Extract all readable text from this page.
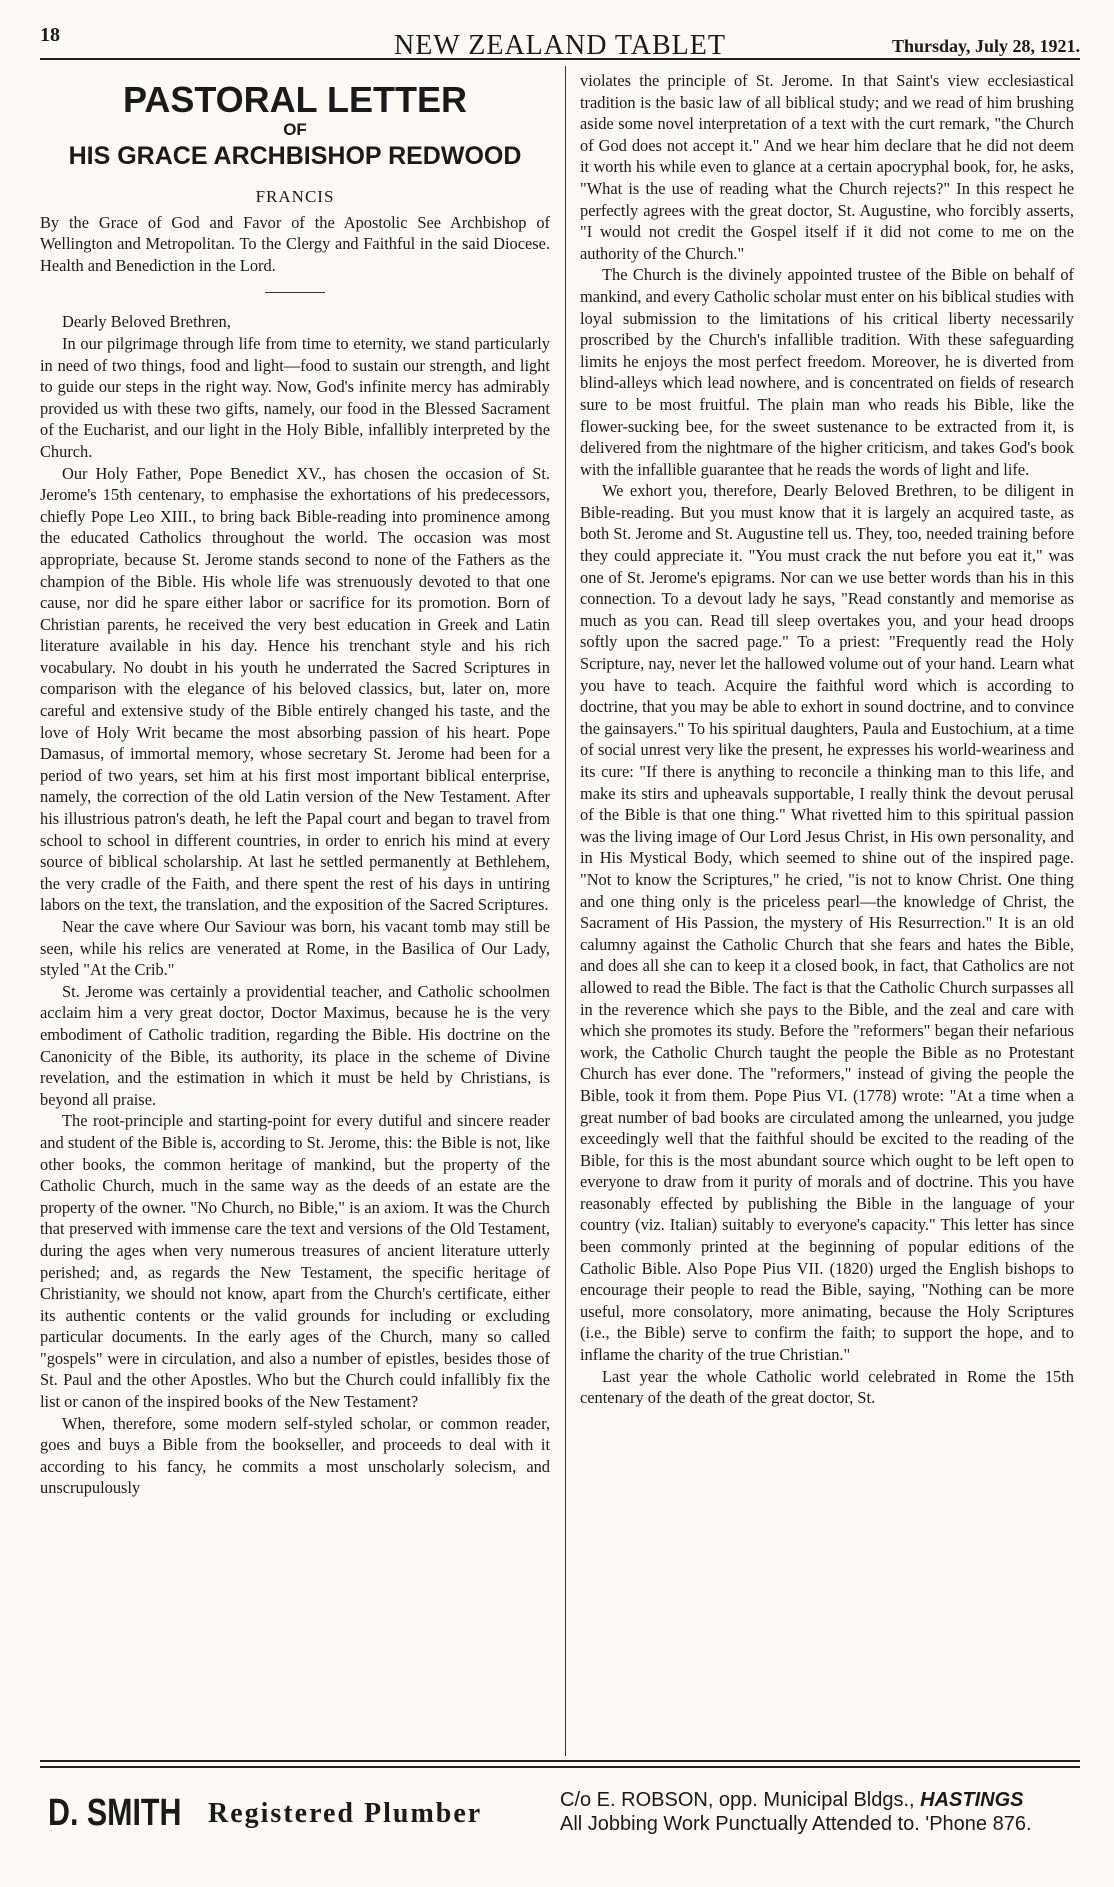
18	NEW ZEALAND TABLET	Thursday, July 28, 1921.
PASTORAL LETTER
OF
HIS GRACE ARCHBISHOP REDWOOD
FRANCIS

By the Grace of God and Favor of the Apostolic See Archbishop of Wellington and Metropolitan. To the Clergy and Faithful in the said Diocese. Health and Benediction in the Lord.

Dearly Beloved Brethren,

In our pilgrimage through life from time to eternity, we stand particularly in need of two things, food and light—food to sustain our strength, and light to guide our steps in the right way. Now, God's infinite mercy has admirably provided us with these two gifts, namely, our food in the Blessed Sacrament of the Eucharist, and our light in the Holy Bible, infallibly interpreted by the Church.

Our Holy Father, Pope Benedict XV., has chosen the occasion of St. Jerome's 15th centenary, to emphasise the exhortations of his predecessors, chiefly Pope Leo XIII., to bring back Bible-reading into prominence among the educated Catholics throughout the world. The occasion was most appropriate, because St. Jerome stands second to none of the Fathers as the champion of the Bible. His whole life was strenuously devoted to that one cause, nor did he spare either labor or sacrifice for its promotion. Born of Christian parents, he received the very best education in Greek and Latin literature available in his day. Hence his trenchant style and his rich vocabulary. No doubt in his youth he underrated the Sacred Scriptures in comparison with the elegance of his beloved classics, but, later on, more careful and extensive study of the Bible entirely changed his taste, and the love of Holy Writ became the most absorbing passion of his heart. Pope Damasus, of immortal memory, whose secretary St. Jerome had been for a period of two years, set him at his first most important biblical enterprise, namely, the correction of the old Latin version of the New Testament. After his illustrious patron's death, he left the Papal court and began to travel from school to school in different countries, in order to enrich his mind at every source of biblical scholarship. At last he settled permanently at Bethlehem, the very cradle of the Faith, and there spent the rest of his days in untiring labors on the text, the translation, and the exposition of the Sacred Scriptures.

Near the cave where Our Saviour was born, his vacant tomb may still be seen, while his relics are venerated at Rome, in the Basilica of Our Lady, styled "At the Crib."

St. Jerome was certainly a providential teacher, and Catholic schoolmen acclaim him a very great doctor, Doctor Maximus, because he is the very embodiment of Catholic tradition, regarding the Bible. His doctrine on the Canonicity of the Bible, its authority, its place in the scheme of Divine revelation, and the estimation in which it must be held by Christians, is beyond all praise.

The root-principle and starting-point for every dutiful and sincere reader and student of the Bible is, according to St. Jerome, this: the Bible is not, like other books, the common heritage of mankind, but the property of the Catholic Church, much in the same way as the deeds of an estate are the property of the owner. "No Church, no Bible," is an axiom. It was the Church that preserved with immense care the text and versions of the Old Testament, during the ages when very numerous treasures of ancient literature utterly perished; and, as regards the New Testament, the specific heritage of Christianity, we should not know, apart from the Church's certificate, either its authentic contents or the valid grounds for including or excluding particular documents. In the early ages of the Church, many so called "gospels" were in circulation, and also a number of epistles, besides those of St. Paul and the other Apostles. Who but the Church could infallibly fix the list or canon of the inspired books of the New Testament?

When, therefore, some modern self-styled scholar, or common reader, goes and buys a Bible from the bookseller, and proceeds to deal with it according to his fancy, he commits a most unscholarly solecism, and unscrupulously

violates the principle of St. Jerome. In that Saint's view ecclesiastical tradition is the basic law of all biblical study; and we read of him brushing aside some novel interpretation of a text with the curt remark, "the Church of God does not accept it." And we hear him declare that he did not deem it worth his while even to glance at a certain apocryphal book, for, he asks, "What is the use of reading what the Church rejects?" In this respect he perfectly agrees with the great doctor, St. Augustine, who forcibly asserts, "I would not credit the Gospel itself if it did not come to me on the authority of the Church."

The Church is the divinely appointed trustee of the Bible on behalf of mankind, and every Catholic scholar must enter on his biblical studies with loyal submission to the limitations of his critical liberty necessarily proscribed by the Church's infallible tradition. With these safeguarding limits he enjoys the most perfect freedom. Moreover, he is diverted from blind-alleys which lead nowhere, and is concentrated on fields of research sure to be most fruitful. The plain man who reads his Bible, like the flower-sucking bee, for the sweet sustenance to be extracted from it, is delivered from the nightmare of the higher criticism, and takes God's book with the infallible guarantee that he reads the words of light and life.

We exhort you, therefore, Dearly Beloved Brethren, to be diligent in Bible-reading. But you must know that it is largely an acquired taste, as both St. Jerome and St. Augustine tell us. They, too, needed training before they could appreciate it. "You must crack the nut before you eat it," was one of St. Jerome's epigrams. Nor can we use better words than his in this connection. To a devout lady he says, "Read constantly and memorise as much as you can. Read till sleep overtakes you, and your head droops softly upon the sacred page." To a priest: "Frequently read the Holy Scripture, nay, never let the hallowed volume out of your hand. Learn what you have to teach. Acquire the faithful word which is according to doctrine, that you may be able to exhort in sound doctrine, and to convince the gainsayers." To his spiritual daughters, Paula and Eustochium, at a time of social unrest very like the present, he expresses his world-weariness and its cure: "If there is anything to reconcile a thinking man to this life, and make its stirs and upheavals supportable, I really think the devout perusal of the Bible is that one thing." What rivetted him to this spiritual passion was the living image of Our Lord Jesus Christ, in His own personality, and in His Mystical Body, which seemed to shine out of the inspired page. "Not to know the Scriptures," he cried, "is not to know Christ. One thing and one thing only is the priceless pearl—the knowledge of Christ, the Sacrament of His Passion, the mystery of His Resurrection." It is an old calumny against the Catholic Church that she fears and hates the Bible, and does all she can to keep it a closed book, in fact, that Catholics are not allowed to read the Bible. The fact is that the Catholic Church surpasses all in the reverence which she pays to the Bible, and the zeal and care with which she promotes its study. Before the "reformers" began their nefarious work, the Catholic Church taught the people the Bible as no Protestant Church has ever done. The "reformers," instead of giving the people the Bible, took it from them. Pope Pius VI. (1778) wrote: "At a time when a great number of bad books are circulated among the unlearned, you judge exceedingly well that the faithful should be excited to the reading of the Bible, for this is the most abundant source which ought to be left open to everyone to draw from it purity of morals and of doctrine. This you have reasonably effected by publishing the Bible in the language of your country (viz. Italian) suitably to everyone's capacity." This letter has since been commonly printed at the beginning of popular editions of the Catholic Bible. Also Pope Pius VII. (1820) urged the English bishops to encourage their people to read the Bible, saying, "Nothing can be more useful, more consolatory, more animating, because the Holy Scriptures (i.e., the Bible) serve to confirm the faith; to support the hope, and to inflame the charity of the true Christian."

Last year the whole Catholic world celebrated in Rome the 15th centenary of the death of the great doctor, St.

D. SMITH Registered Plumber	C/o E. ROBSON, opp. Municipal Bldgs., HASTINGS
All Jobbing Work Punctually Attended to. 'Phone 876.
